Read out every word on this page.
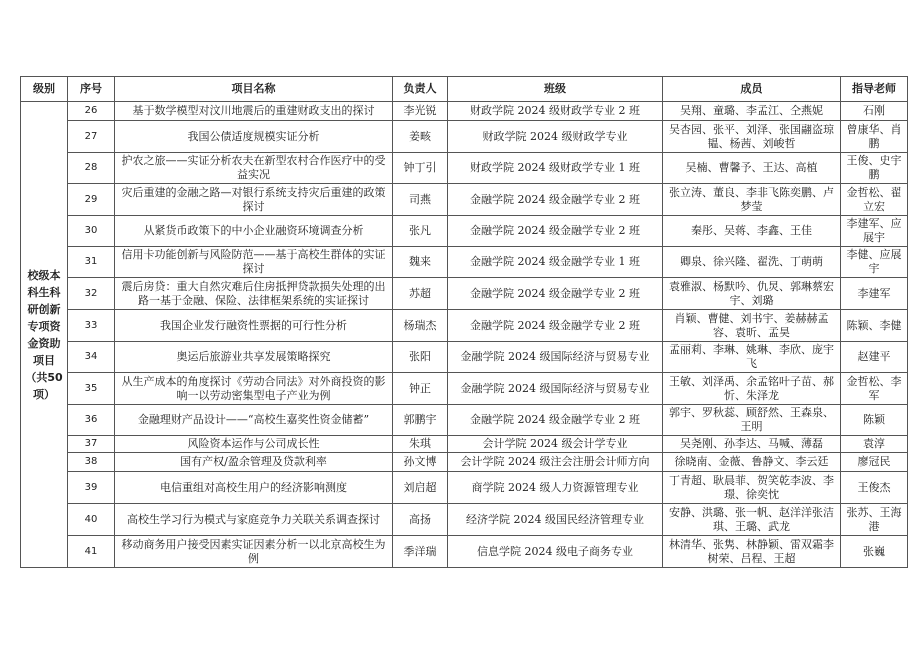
级别	序号	项目名称	负责人	班级	成员	指导老师
校级本科生科研创新专项资金资助项目（共50项）	26	基于数学模型对汶川地震后的重建财政支出的探讨	李光锐	财政学院 2024 级财政学专业 2 班	吴翔、童璐、李孟江、仝燕妮	石刚
	27	我国公债适度规模实证分析	姜畡	财政学院 2024 级财政学专业	吴杏园、张平、刘泽、张国翮盗琼韫、杨茜、刘峻哲	曾康华、肖鹏
	28	护农之旅——实证分析农夫在新型农村合作医疗中的受益实况	钟丁引	财政学院 2024 级财政学专业 1 班	吴楠、曹馨予、王达、高植	王俊、史宇鹏
	29	灾后重建的金融之路—对银行系统支持灾后重建的政策探讨	司燕	金融学院 2024 级金融学专业 2 班	张立涛、董良、李非飞陈奕鹏、卢梦莹	金哲松、翟立宏
	30	从紧货币政策下的中小企业融资环境调查分析	张凡	金融学院 2024 级金融学专业 2 班	秦彤、吴蒋、李鑫、王佳	李建军、应展宇
	31	信用卡功能创新与风险防范——基于高校生群体的实证探讨	魏来	金融学院 2024 级金融学专业 1 班	卿泉、徐兴隆、翟洗、丁萌萌	李健、应展宇
	32	震后房贷：重大自然灾难后住房抵押贷款损失处理的出路一基于金融、保险、法律框架系统的实证探讨	苏超	金融学院 2024 级金融学专业 2 班	袁雅淑、杨默吟、仇炅、郭琳蔡宏宇、刘璐	李建军
	33	我国企业发行融资性票据的可行性分析	杨瑞杰	金融学院 2024 级金融学专业 2 班	肖颖、曹健、刘书宇、姜赫赫孟容、袁昕、孟昊	陈颖、李健
	34	奥运后旅游业共享发展策略探究	张阳	金融学院 2024 级国际经济与贸易专业	孟丽莉、李琳、姚琳、李欣、庞宇飞	赵建平
	35	从生产成本的角度探讨《劳动合同法》对外商投资的影响一以劳动密集型电子产业为例	钟正	金融学院 2024 级国际经济与贸易专业	王敏、刘泽禹、余孟铭叶子苗、郝忻、朱泽龙	金哲松、李军
	36	金融理财产品设计——“高校生嘉奖性资金储蓄”	郭鹏宇	金融学院 2024 级金融学专业 2 班	郭宇、罗秋蕊、顾舒然、王森泉、王明	陈颖
	37	风险资本运作与公司成长性	朱琪	会计学院 2024 级会计学专业	吴尧刚、孙李达、马喊、薄磊	袁淳
	38	国有产权/盈余管理及贷款利率	孙文博	会计学院 2024 级注会注册会计师方向	徐晓南、金薇、鲁静文、李云廷	廖冠民
	39	电信重组对高校生用户的经济影响测度	刘启超	商学院 2024 级人力资源管理专业	丁青超、耿晨菲、贺笑乾李波、李璟、徐奕忱	王俊杰
	40	高校生学习行为模式与家庭竞争力关联关系调查探讨	高扬	经济学院 2024 级国民经济管理专业	安静、洪璐、张一帆、赵洋洋张洁琪、王璐、武龙	张苏、王海港
	41	移动商务用户接受因素实证因素分析一以北京高校生为例	季洋瑞	信息学院 2024 级电子商务专业	林清华、张隽、林静颖、雷双霜李树荣、吕程、王超	张巍
